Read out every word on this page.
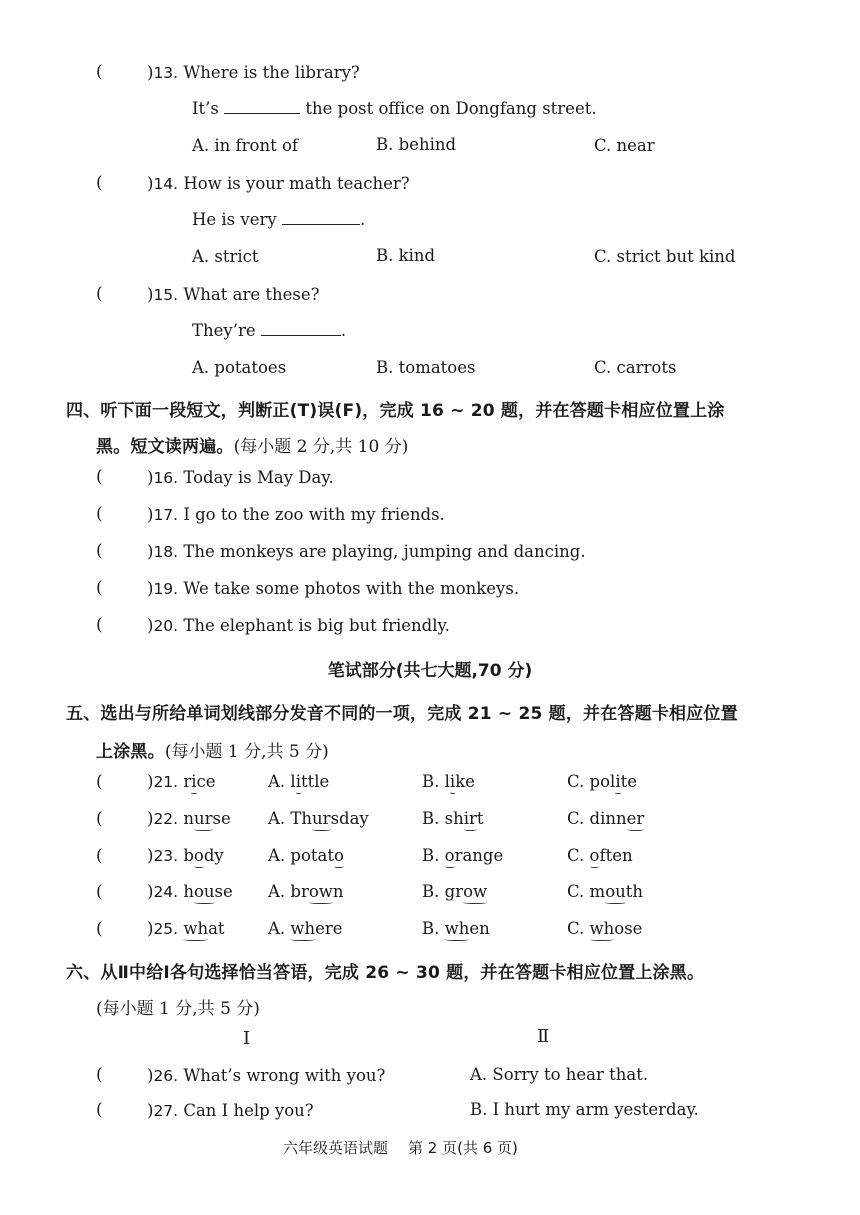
(	)13. Where is the library?
It’s	the post office on Dongfang street.
A. in front of	B. behind	C. near
(	)14. How is your math teacher?
He is very	.
A. strict	B. kind	C. strict but kind
(	)15. What are these?
They’re	.
A. potatoes	B. tomatoes	C. carrots
四、听下面一段短文，判断正(T)误(F)，完成 16 ~ 20 题，并在答题卡相应位置上涂
黑。短文读两遍。(每小题 2 分,共 10 分)
(	)16. Today is May Day.
(	)17. I go to the zoo with my friends.
(	)18. The monkeys are playing, jumping and dancing.
(	)19. We take some photos with the monkeys.
(	)20. The elephant is big but friendly.
笔试部分(共七大题,70 分)
五、选出与所给单词划线部分发音不同的一项，完成 21 ~ 25 题，并在答题卡相应位置
上涂黑。(每小题 1 分,共 5 分)
(	)21. rice	A. little	B. like	C. polite
(	)22. nurse A. Thursday	B. shirt	C. dinner
(	)23. body	A. potato	B. orange	C. often
(	)24. house A. brown	B. grow	C. mouth
(	)25. what	A. where	B. when	C. whose
六、从Ⅱ中给Ⅰ各句选择恰当答语，完成 26 ~ 30 题，并在答题卡相应位置上涂黑。
(每小题 1 分,共 5 分)
I	Ⅱ
(	)26. What’s wrong with you?	A. Sorry to hear that.
(	)27. Can I help you?	B. I hurt my arm yesterday.
六年级英语试题 第 2 页(共 6 页)
